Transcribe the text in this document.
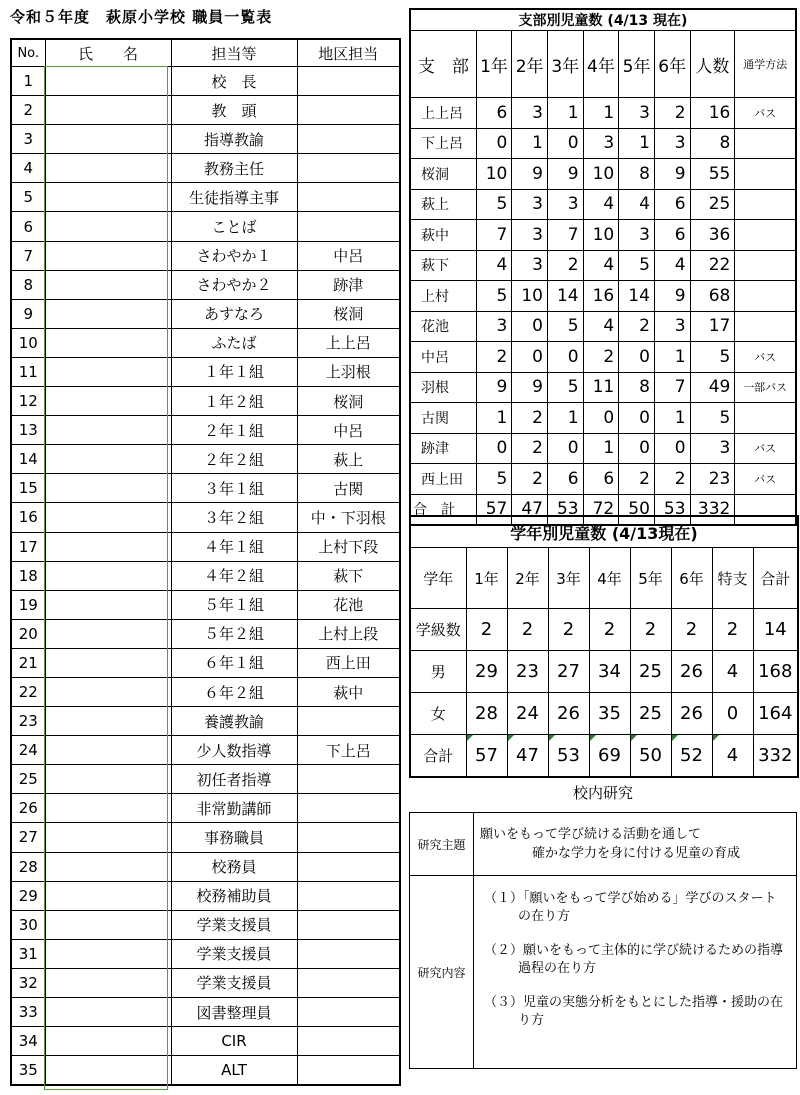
令和５年度　萩原小学校 職員一覧表
No.	氏　　名	担当等	地区担当
1		校　長	
2		教　頭	
3		指導教諭	
4		教務主任	
5		生徒指導主事	
6		ことば	
7		さわやか１	中呂
8		さわやか２	跡津
9		あすなろ	桜洞
10		ふたば	上上呂
11		１年１組	上羽根
12		１年２組	桜洞
13		２年１組	中呂
14		２年２組	萩上
15		３年１組	古関
16		３年２組	中・下羽根
17		４年１組	上村下段
18		４年２組	萩下
19		５年１組	花池
20		５年２組	上村上段
21		６年１組	西上田
22		６年２組	萩中
23		養護教諭	
24		少人数指導	下上呂
25		初任者指導	
26		非常勤講師	
27		事務職員	
28		校務員	
29		校務補助員	
30		学業支援員	
31		学業支援員	
32		学業支援員	
33		図書整理員	
34		CIR	
35		ALT	
支部別児童数 (4/13 現在)								
支　部	1年	2年	3年	4年	5年	6年	人数	通学方法
上上呂	6	3	1	1	3	2	16	バス
下上呂	0	1	0	3	1	3	8	
桜洞	10	9	9	10	8	9	55	
萩上	5	3	3	4	4	6	25	
萩中	7	3	7	10	3	6	36	
萩下	4	3	2	4	5	4	22	
上村	5	10	14	16	14	9	68	
花池	3	0	5	4	2	3	17	
中呂	2	0	0	2	0	1	5	バス
羽根	9	9	5	11	8	7	49	一部バス
古関	1	2	1	0	0	1	5	
跡津	0	2	0	1	0	0	3	バス
西上田	5	2	6	6	2	2	23	バス
合　計	57	47	53	72	50	53	332	
学年別児童数 (4/13現在)								
学年	1年	2年	3年	4年	5年	6年	特支	合計
学級数	2	2	2	2	2	2	2	14
男	29	23	27	34	25	26	4	168
女	28	24	26	35	25	26	0	164
合計	57	47	53	69	50	52	4	332
校内研究
研究主題	願いをもって学び続ける活動を通して
確かな学力を身に付ける児童の育成

研究内容	（１）「願いをもって学び始める」学びのスタートの在り方
（２）願いをもって主体的に学び続けるための指導過程の在り方
（３）児童の実態分析をもとにした指導・援助の在り方
